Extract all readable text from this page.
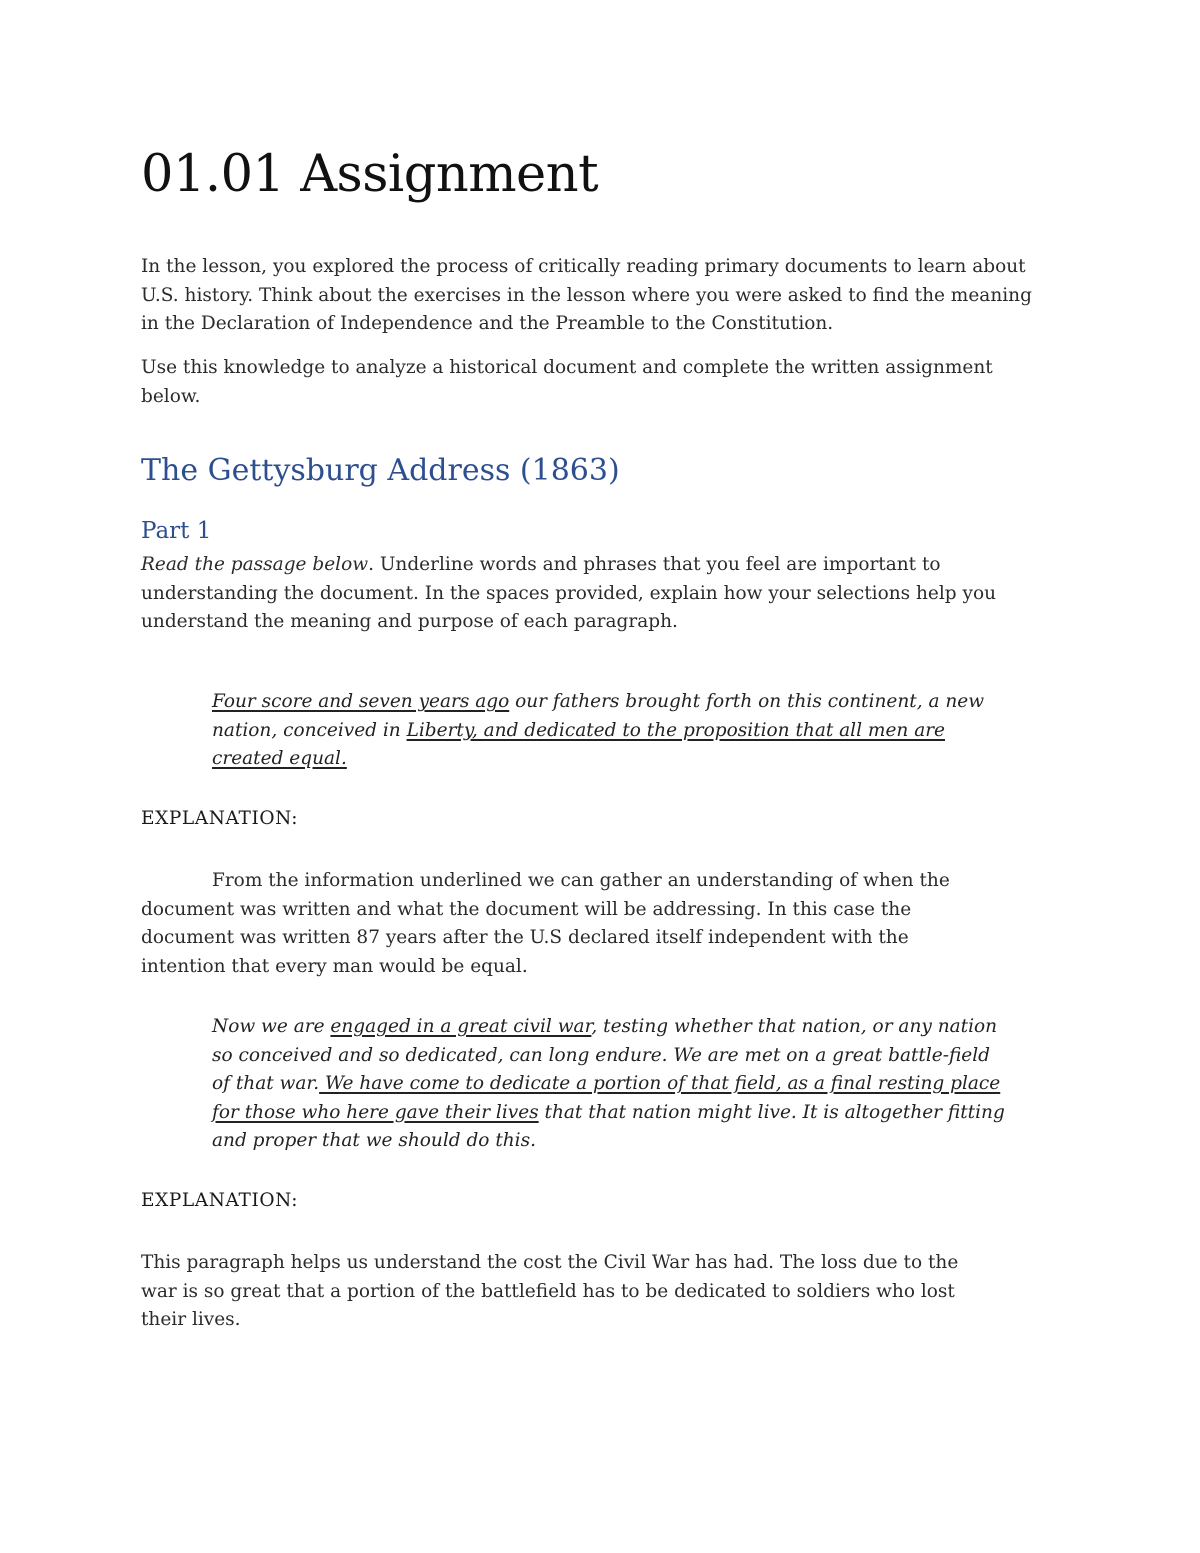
01.01 Assignment

In the lesson, you explored the process of critically reading primary documents to learn about U.S. history. Think about the exercises in the lesson where you were asked to find the meaning in the Declaration of Independence and the Preamble to the Constitution.

Use this knowledge to analyze a historical document and complete the written assignment below.

The Gettysburg Address (1863)
Part 1

Read the passage below. Underline words and phrases that you feel are important to understanding the document. In the spaces provided, explain how your selections help you understand the meaning and purpose of each paragraph.

Four score and seven years ago our fathers brought forth on this continent, a new nation, conceived in Liberty, and dedicated to the proposition that all men are created equal.

EXPLANATION:

From the information underlined we can gather an understanding of when the document was written and what the document will be addressing. In this case the document was written 87 years after the U.S declared itself independent with the intention that every man would be equal.

Now we are engaged in a great civil war, testing whether that nation, or any nation so conceived and so dedicated, can long endure. We are met on a great battle-field of that war. We have come to dedicate a portion of that field, as a final resting place for those who here gave their lives that that nation might live. It is altogether fitting and proper that we should do this.

EXPLANATION:

This paragraph helps us understand the cost the Civil War has had. The loss due to the war is so great that a portion of the battlefield has to be dedicated to soldiers who lost their lives.
